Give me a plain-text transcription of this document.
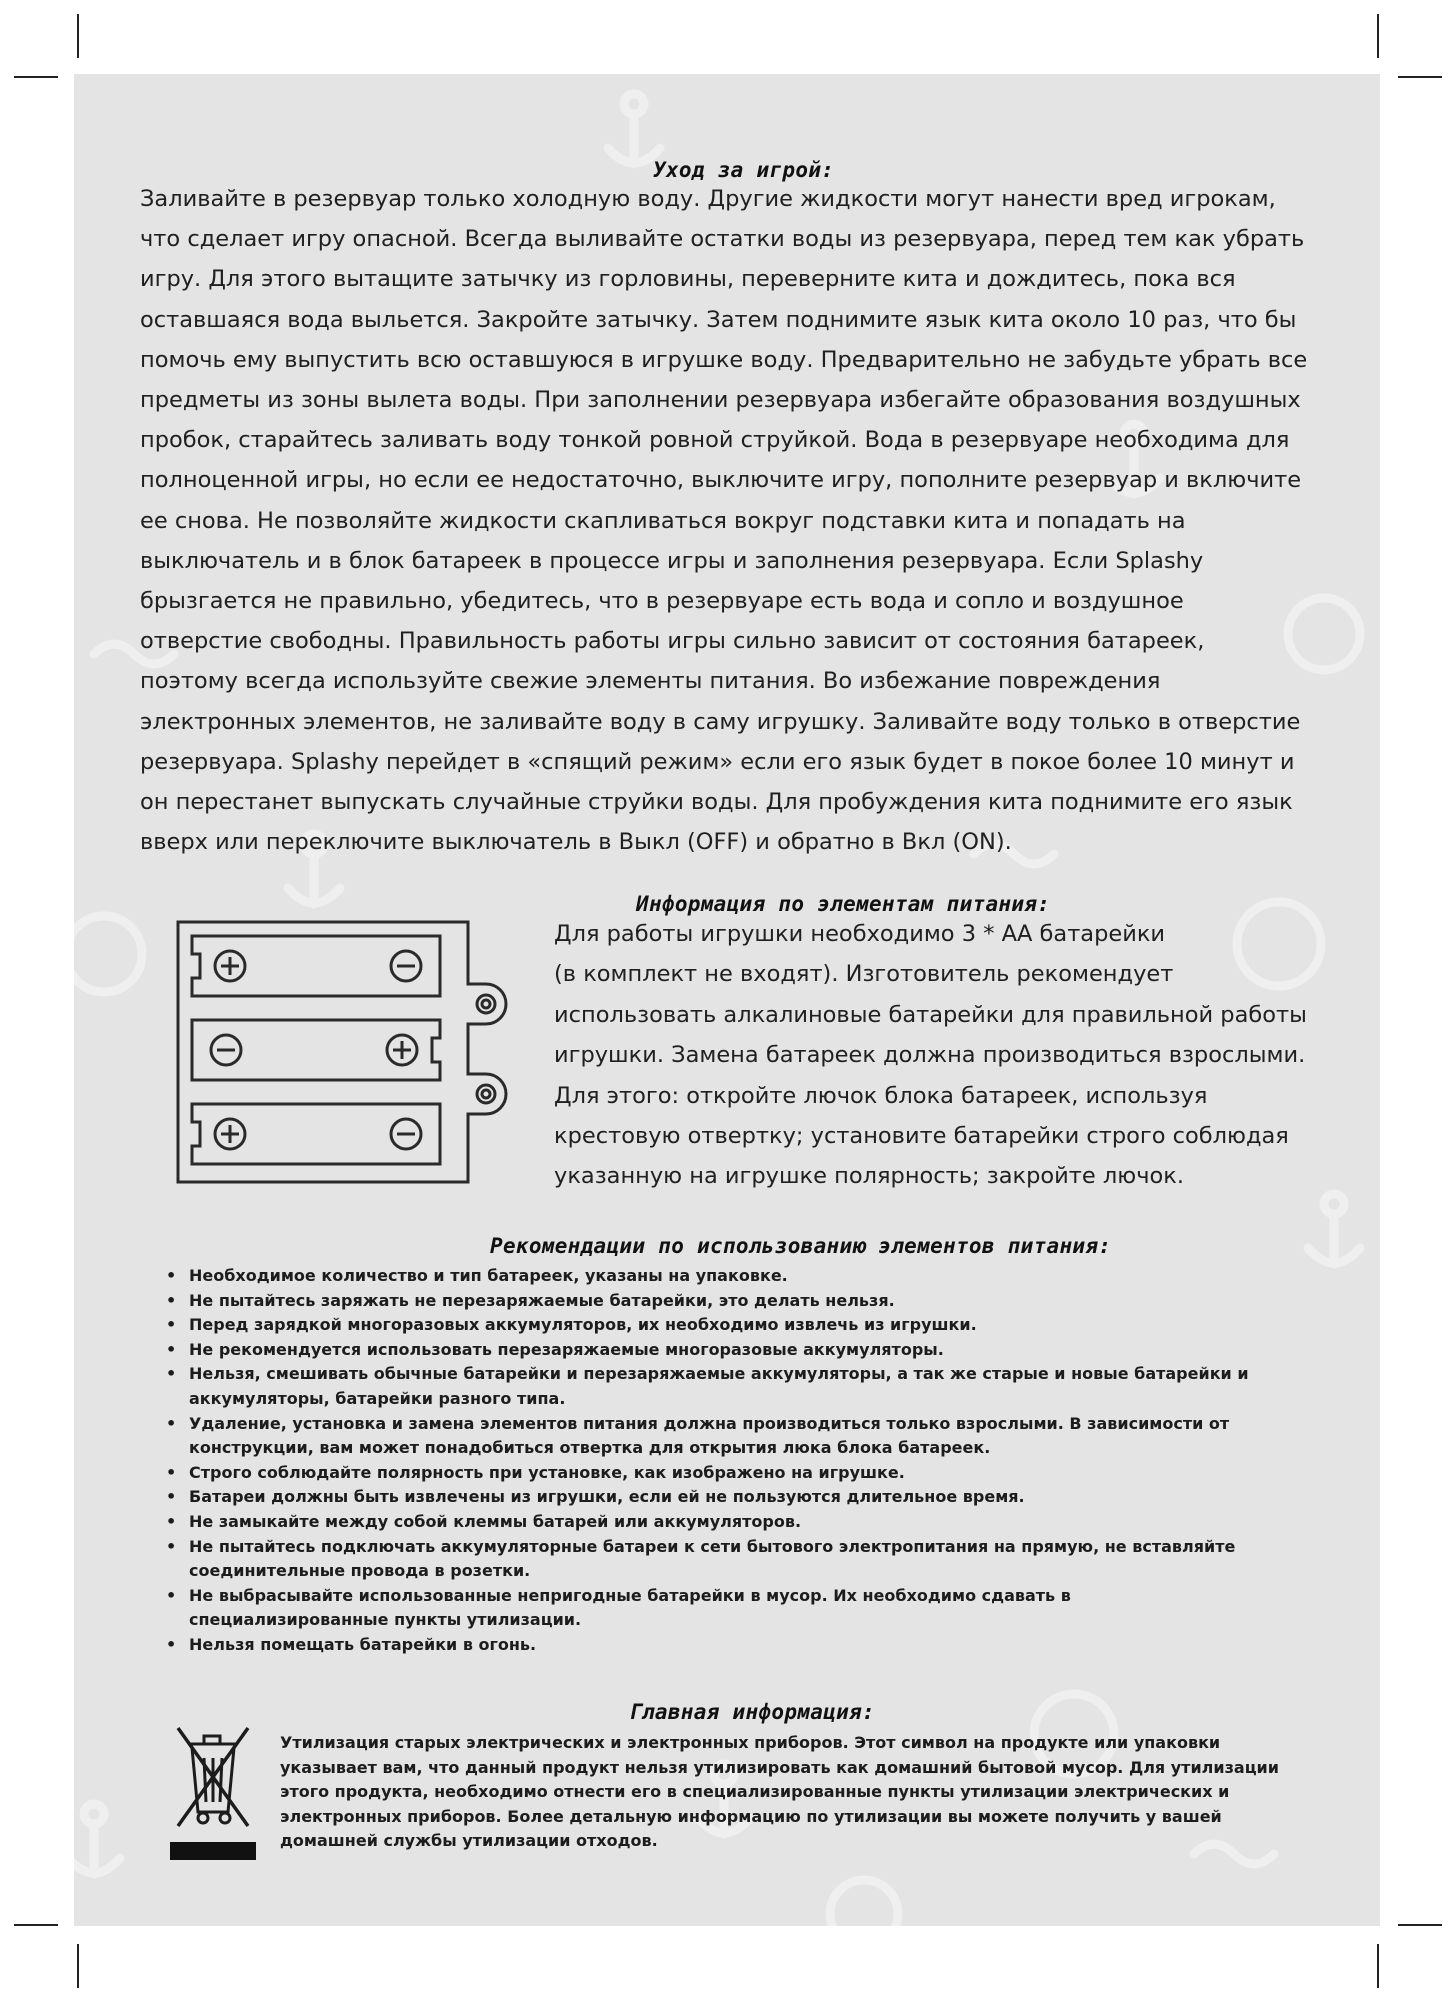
Уход за игрой:

Заливайте в резервуар только холодную воду. Другие жидкости могут нанести вред игрокам,
что сделает игру опасной. Всегда выливайте остатки воды из резервуара, перед тем как убрать
игру. Для этого вытащите затычку из горловины, переверните кита и дождитесь, пока вся
оставшаяся вода выльется. Закройте затычку. Затем поднимите язык кита около 10 раз, что бы
помочь ему выпустить всю оставшуюся в игрушке воду. Предварительно не забудьте убрать все
предметы из зоны вылета воды. При заполнении резервуара избегайте образования воздушных
пробок, старайтесь заливать воду тонкой ровной струйкой. Вода в резервуаре необходима для
полноценной игры, но если ее недостаточно, выключите игру, пополните резервуар и включите
ее снова. Не позволяйте жидкости скапливаться вокруг подставки кита и попадать на
выключатель и в блок батареек в процессе игры и заполнения резервуара. Если Splashy
брызгается не правильно, убедитесь, что в резервуаре есть вода и сопло и воздушное
отверстие свободны. Правильность работы игры сильно зависит от состояния батареек,
поэтому всегда используйте свежие элементы питания. Во избежание повреждения
электронных элементов, не заливайте воду в саму игрушку. Заливайте воду только в отверстие
резервуара. Splashy перейдет в «спящий режим» если его язык будет в покое более 10 минут и
он перестанет выпускать случайные струйки воды. Для пробуждения кита поднимите его язык
вверх или переключите выключатель в Выкл (OFF) и обратно в Вкл (ON).

Информация по элементам питания:

Для работы игрушки необходимо 3 * АА батарейки
(в комплект не входят). Изготовитель рекомендует
использовать алкалиновые батарейки для правильной работы
игрушки. Замена батареек должна производиться взрослыми.
Для этого: откройте лючок блока батареек, используя
крестовую отвертку; установите батарейки строго соблюдая
указанную на игрушке полярность; закройте лючок.

Рекомендации по использованию элементов питания:
• Необходимое количество и тип батареек, указаны на упаковке.
• Не пытайтесь заряжать не перезаряжаемые батарейки, это делать нельзя.
• Перед зарядкой многоразовых аккумуляторов, их необходимо извлечь из игрушки.
• Не рекомендуется использовать перезаряжаемые многоразовые аккумуляторы.
• Нельзя, смешивать обычные батарейки и перезаряжаемые аккумуляторы, а так же старые и новые батарейки и
аккумуляторы, батарейки разного типа.
• Удаление, установка и замена элементов питания должна производиться только взрослыми. В зависимости от
конструкции, вам может понадобиться отвертка для открытия люка блока батареек.
• Строго соблюдайте полярность при установке, как изображено на игрушке.
• Батареи должны быть извлечены из игрушки, если ей не пользуются длительное время.
• Не замыкайте между собой клеммы батарей или аккумуляторов.
• Не пытайтесь подключать аккумуляторные батареи к сети бытового электропитания на прямую, не вставляйте
соединительные провода в розетки.
• Не выбрасывайте использованные непригодные батарейки в мусор. Их необходимо сдавать в
специализированные пункты утилизации.
• Нельзя помещать батарейки в огонь.
Главная информация:

Утилизация старых электрических и электронных приборов. Этот символ на продукте или упаковки
указывает вам, что данный продукт нельзя утилизировать как домашний бытовой мусор. Для утилизации
этого продукта, необходимо отнести его в специализированные пункты утилизации электрических и
электронных приборов. Более детальную информацию по утилизации вы можете получить у вашей
домашней службы утилизации отходов.
